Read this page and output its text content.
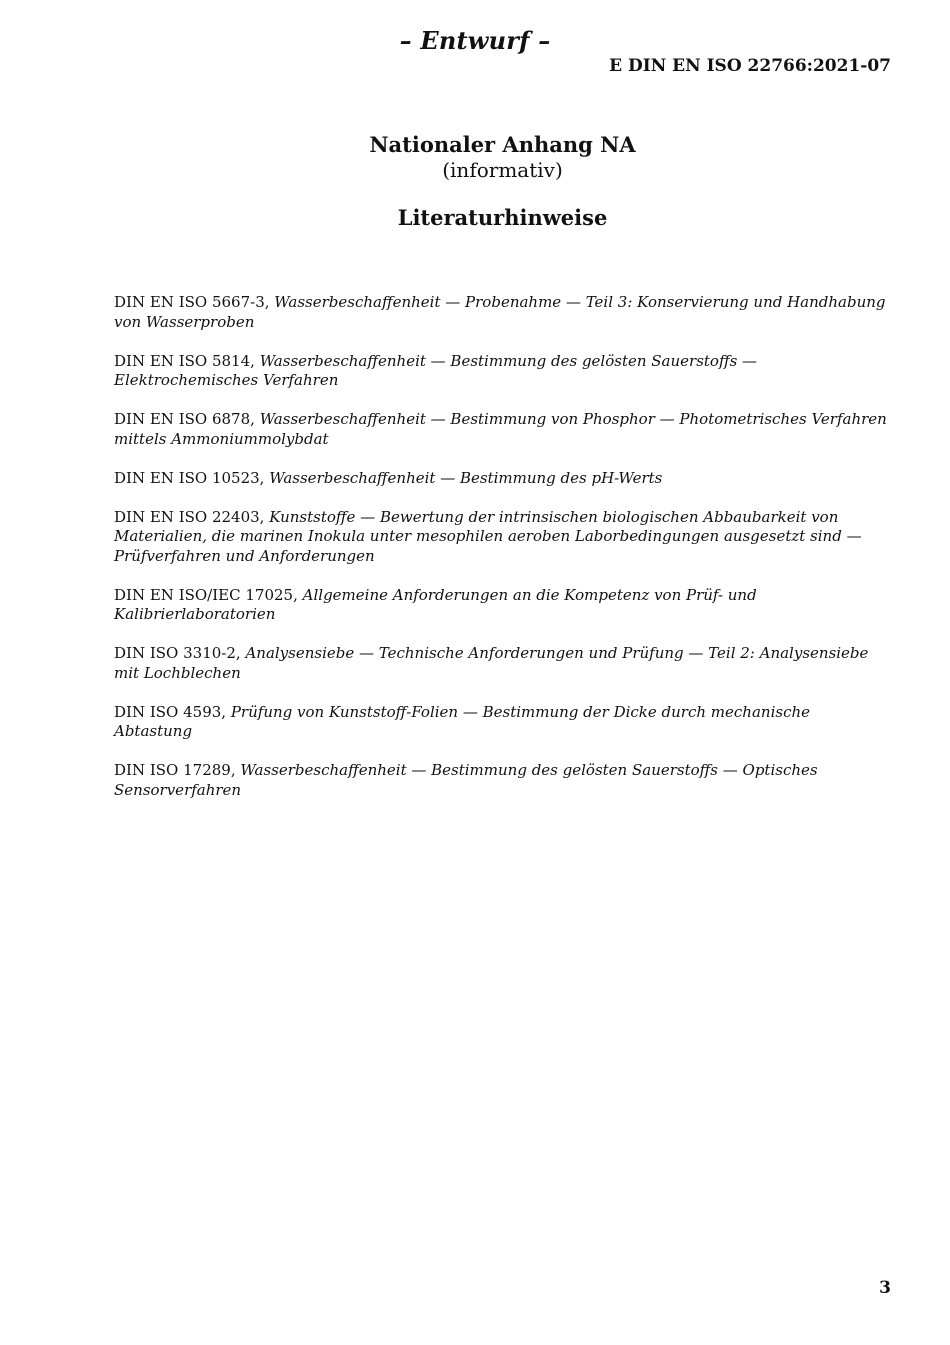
– Entwurf –
E DIN EN ISO 22766:2021-07
Nationaler Anhang NA
(informativ)
Literaturhinweise
DIN EN ISO 5667-3, Wasserbeschaffenheit — Probenahme — Teil 3: Konservierung und Handhabung von Wasserproben
DIN EN ISO 5814, Wasserbeschaffenheit — Bestimmung des gelösten Sauerstoffs — Elektrochemisches Verfahren
DIN EN ISO 6878, Wasserbeschaffenheit — Bestimmung von Phosphor — Photometrisches Verfahren mittels Ammoniummolybdat
DIN EN ISO 10523, Wasserbeschaffenheit — Bestimmung des pH-Werts
DIN EN ISO 22403, Kunststoffe — Bewertung der intrinsischen biologischen Abbaubarkeit von Materialien, die marinen Inokula unter mesophilen aeroben Laborbedingungen ausgesetzt sind — Prüfverfahren und Anforderungen
DIN EN ISO/IEC 17025, Allgemeine Anforderungen an die Kompetenz von Prüf- und Kalibrierlaboratorien
DIN ISO 3310-2, Analysensiebe — Technische Anforderungen und Prüfung — Teil 2: Analysensiebe mit Lochblechen
DIN ISO 4593, Prüfung von Kunststoff-Folien — Bestimmung der Dicke durch mechanische Abtastung
DIN ISO 17289, Wasserbeschaffenheit — Bestimmung des gelösten Sauerstoffs — Optisches Sensorverfahren
3
